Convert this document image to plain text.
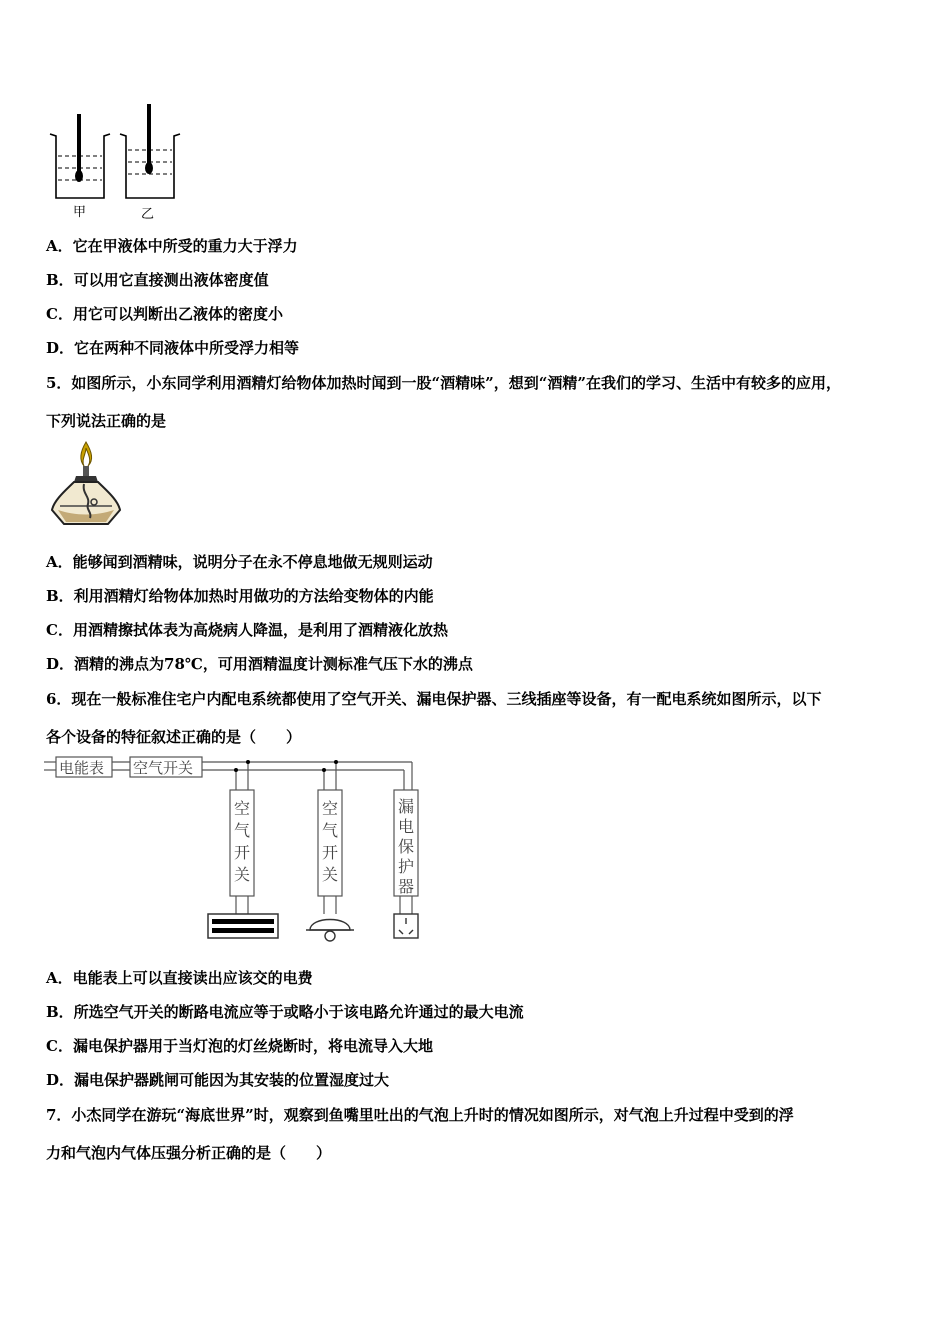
甲	乙
A．它在甲液体中所受的重力大于浮力
B．可以用它直接测出液体密度值
C．用它可以判断出乙液体的密度小
D．它在两种不同液体中所受浮力相等
5．如图所示，小东同学利用酒精灯给物体加热时闻到一股“酒精味”，想到“酒精”在我们的学习、生活中有较多的应用，
下列说法正确的是
A．能够闻到酒精味，说明分子在永不停息地做无规则运动
B．利用酒精灯给物体加热时用做功的方法给变物体的内能
C．用酒精擦拭体表为高烧病人降温，是利用了酒精液化放热
D．酒精的沸点为78℃，可用酒精温度计测标准气压下水的沸点
6．现在一般标准住宅户内配电系统都使用了空气开关、漏电保护器、三线插座等设备，有一配电系统如图所示，以下
各个设备的特征叙述正确的是（　　）
电能表 空气开关
空
气
开
关
空
气
开
关
漏
电
保
护
器
A．电能表上可以直接读出应该交的电费
B．所选空气开关的断路电流应等于或略小于该电路允许通过的最大电流
C．漏电保护器用于当灯泡的灯丝烧断时，将电流导入大地
D．漏电保护器跳闸可能因为其安装的位置湿度过大
7．小杰同学在游玩“海底世界”时，观察到鱼嘴里吐出的气泡上升时的情况如图所示，对气泡上升过程中受到的浮
力和气泡内气体压强分析正确的是（　　）
